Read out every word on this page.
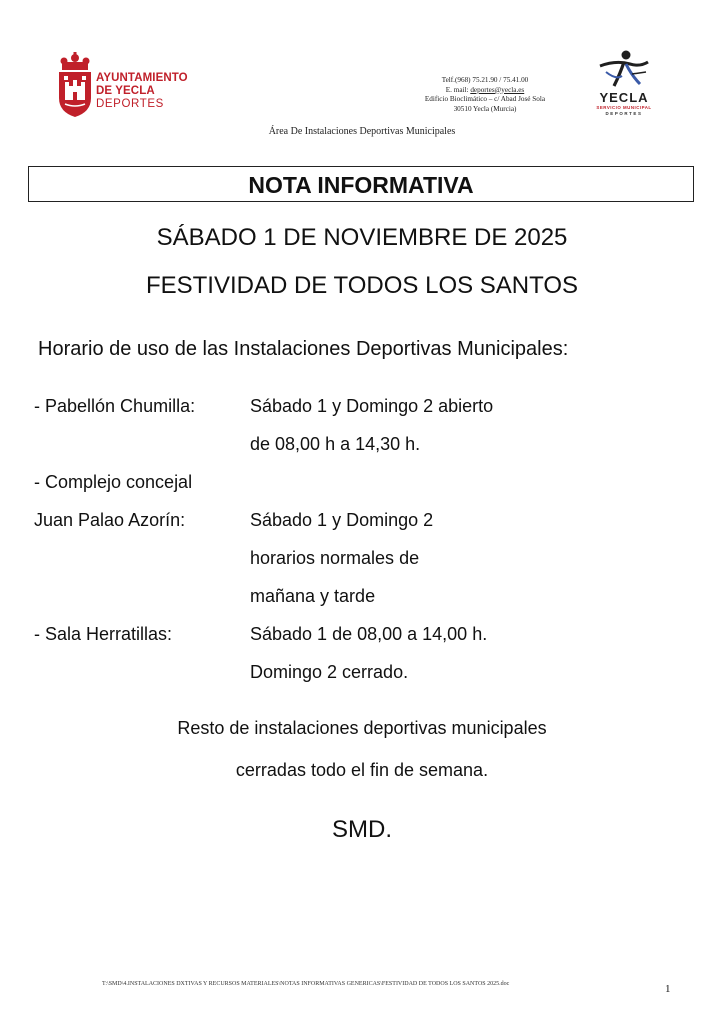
AYUNTAMIENTO
DE YECLA
DEPORTES
Telf.(968) 75.21.90 / 75.41.00
E. mail: deportes@yecla.es
Edificio Bioclimático – c/ Abad José Sola
30510 Yecla (Murcia)
YECLA
SERVICIO MUNICIPAL
DEPORTES
Área De Instalaciones Deportivas Municipales
NOTA INFORMATIVA
SÁBADO 1 DE NOVIEMBRE DE 2025
FESTIVIDAD DE TODOS LOS SANTOS
Horario de uso de las Instalaciones Deportivas Municipales:
- Pabellón Chumilla:	Sábado 1 y Domingo 2 abierto
de 08,00 h a 14,30 h.
- Complejo concejal
Juan Palao Azorín:	Sábado 1 y Domingo 2
horarios normales de
mañana y tarde
- Sala Herratillas:	Sábado 1 de 08,00 a 14,00 h.
Domingo 2 cerrado.
Resto de instalaciones deportivas municipales
cerradas todo el fin de semana.
SMD.
T:\SMD\4.INSTALACIONES DXTIVAS Y RECURSOS MATERIALES\NOTAS INFORMATIVAS GENERICAS\FESTIVIDAD DE TODOS LOS SANTOS 2025.doc	1
